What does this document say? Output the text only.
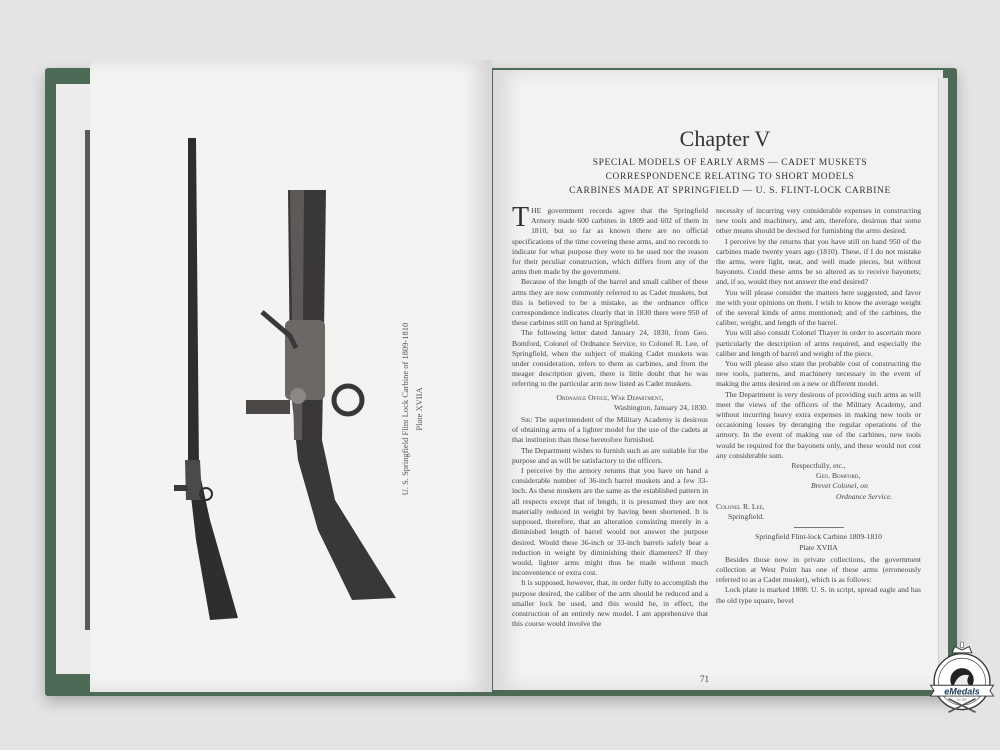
U. S. Springfield Flint Lock Carbine of 1809-1810 Plate XVIIA
Chapter V
SPECIAL MODELS OF EARLY ARMS — CADET MUSKETS
CORRESPONDENCE RELATING TO SHORT MODELS
CARBINES MADE AT SPRINGFIELD — U. S. FLINT-LOCK CARBINE

THE government records agree that the Springfield Armory made 600 carbines in 1809 and 602 of them in 1810, but so far as known there are no official specifications of the time covering these arms, and no records to indicate for what purpose they were to be used nor the reason for their peculiar construction, which differs from any of the arms then made by the government.

Because of the length of the barrel and small caliber of these arms they are now commonly referred to as Cadet muskets, but this is believed to be a mistake, as the ordnance office correspondence indicates clearly that in 1830 there were 950 of these carbines still on hand at Springfield.

The following letter dated January 24, 1830, from Geo. Bomford, Colonel of Ordnance Service, to Colonel R. Lee, of Springfield, when the subject of making Cadet muskets was under consideration, refers to them as carbines, and from the meager description given, there is little doubt that he was referring to the particular arm now listed as Cadet muskets.

Ordnance Office, War Department,

Washington, January 24, 1830.

Sir: The superintendent of the Military Academy is desirous of obtaining arms of a lighter model for the use of the cadets at that institution than those heretofore furnished.

The Department wishes to furnish such as are suitable for the purpose and as will be satisfactory to the officers.

I perceive by the armory returns that you have on hand a considerable number of 36-inch barrel muskets and a few 33-inch. As these muskets are the same as the established pattern in all respects except that of length, it is presumed they are not materially reduced in weight by having been shortened. It is supposed, therefore, that an alteration consisting merely in a diminished length of barrel would not answer the purpose desired. Would these 36-inch or 33-inch barrels safely bear a reduction in weight by diminishing their diameters? If they would, lighter arms might thus be made without much inconvenience or extra cost.

It is supposed, however, that, in order fully to accomplish the purpose desired, the caliber of the arm should be reduced and a smaller lock be used, and this would be, in effect, the construction of an entirely new model. I am apprehensive that this course would involve the

necessity of incurring very considerable expenses in constructing new tools and machinery, and am, therefore, desirous that some other means should be devised for furnishing the arms desired.

I perceive by the returns that you have still on hand 950 of the carbines made twenty years ago (1810). These, if I do not mistake the arms, were light, neat, and well made pieces, but without bayonets. Could these arms be so altered as to receive bayonets; and, if so, would they not answer the end desired?

You will please consider the matters here suggested, and favor me with your opinions on them. I wish to know the average weight of the several kinds of arms mentioned; and of the carbines, the caliber, weight, and length of the barrel.

You will also consult Colonel Thayer in order to ascertain more particularly the description of arms required, and especially the caliber and length of barrel and weight of the piece.

You will please also state the probable cost of constructing the new tools, patterns, and machinery necessary in the event of making the arms desired on a new or different model.

The Department is very desirous of providing such arms as will meet the views of the officers of the Military Academy, and without incurring heavy extra expenses in making new tools or occasioning losses by deranging the regular operations of the armory. In the event of making use of the carbines, new tools would be required for the bayonets only, and these would not cost any considerable sum.

Respectfully, etc.,

Geo. Bomford,

Brevet Colonel, on

Ordnance Service.

Colonel R. Lee,

Springfield.

Springfield Flint-lock Carbine 1809-1810

Plate XVIIA

Besides those now in private collections, the government collection at West Point has one of these arms (erroneously referred to as a Cadet musket), which is as follows:

Lock plate is marked 1808. U. S. in script, spread eagle and has the old type square, bevel

71
eMedals
Est. 1997
